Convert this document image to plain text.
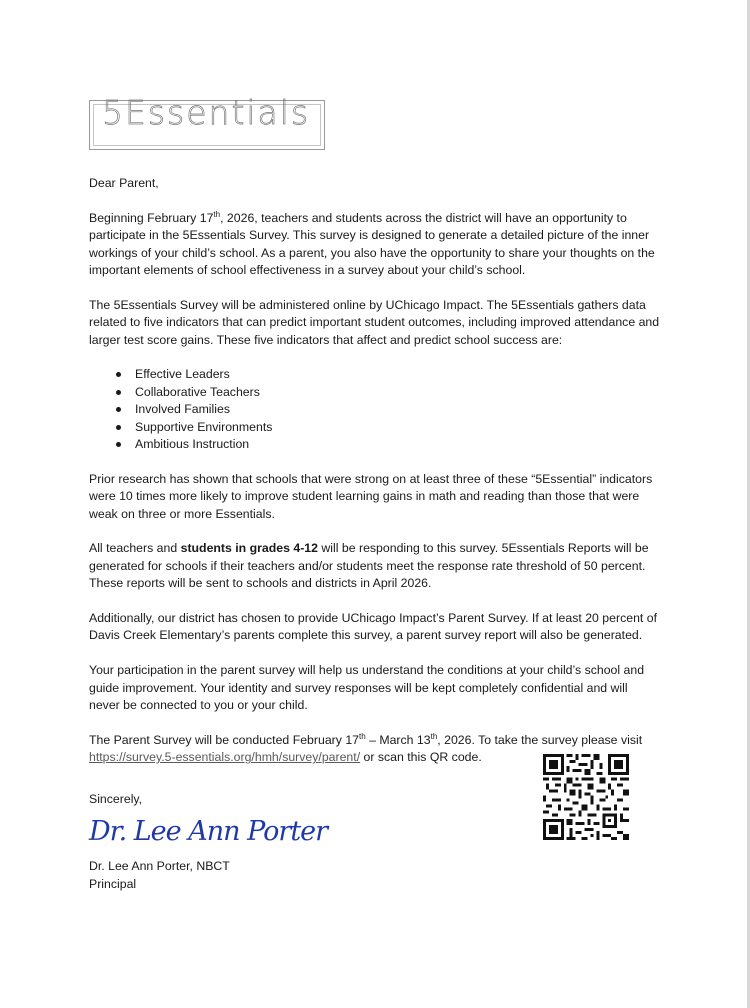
5Essentials

Dear Parent,

Beginning February 17th, 2026, teachers and students across the district will have an opportunity to participate in the 5Essentials Survey. This survey is designed to generate a detailed picture of the inner workings of your child’s school. As a parent, you also have the opportunity to share your thoughts on the important elements of school effectiveness in a survey about your child’s school.

The 5Essentials Survey will be administered online by UChicago Impact. The 5Essentials gathers data related to five indicators that can predict important student outcomes, including improved attendance and larger test score gains. These five indicators that affect and predict school success are:

Effective Leaders
Collaborative Teachers
Involved Families
Supportive Environments
Ambitious Instruction

Prior research has shown that schools that were strong on at least three of these “5Essential” indicators were 10 times more likely to improve student learning gains in math and reading than those that were weak on three or more Essentials.

All teachers and students in grades 4-12 will be responding to this survey. 5Essentials Reports will be generated for schools if their teachers and/or students meet the response rate threshold of 50 percent. These reports will be sent to schools and districts in April 2026.

Additionally, our district has chosen to provide UChicago Impact’s Parent Survey. If at least 20 percent of Davis Creek Elementary’s parents complete this survey, a parent survey report will also be generated.

Your participation in the parent survey will help us understand the conditions at your child’s school and guide improvement. Your identity and survey responses will be kept completely confidential and will never be connected to you or your child.

The Parent Survey will be conducted February 17th – March 13th, 2026. To take the survey please visit https://survey.5-essentials.org/hmh/survey/parent/ or scan this QR code.

Sincerely,

Dr. Lee Ann Porter

Dr. Lee Ann Porter, NBCT

Principal
